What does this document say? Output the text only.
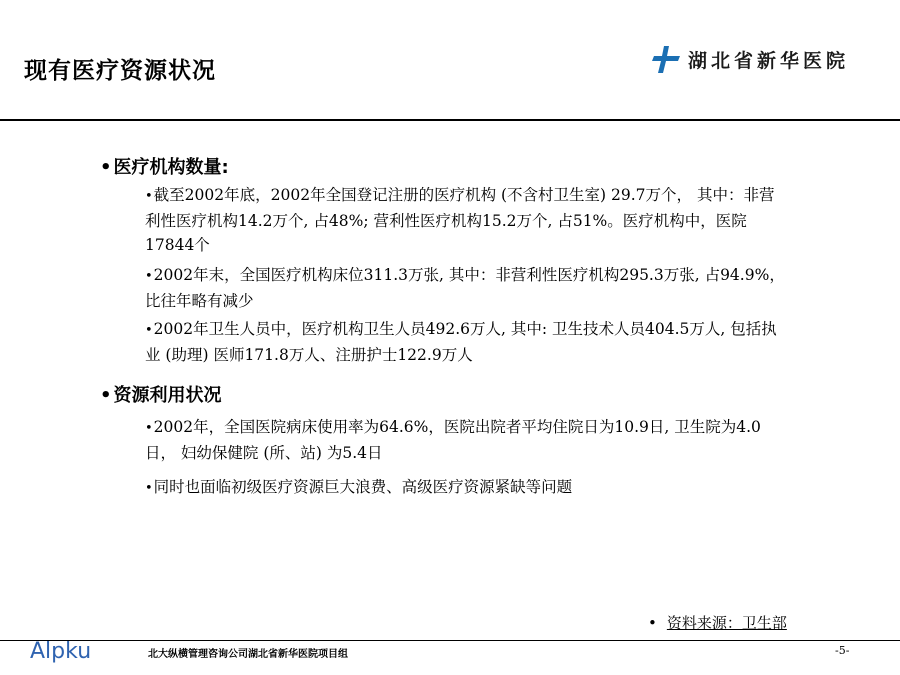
现有医疗资源状况	湖北省新华医院
• 医疗机构数量:
•截至2002年底，2002年全国登记注册的医疗机构 (不含村卫生室) 29.7万个， 其中：非营利性医疗机构14.2万个, 占48%; 营利性医疗机构15.2万个, 占51%。医疗机构中，医院17844个
•2002年末，全国医疗机构床位311.3万张, 其中：非营利性医疗机构295.3万张, 占94.9%，比往年略有减少
•2002年卫生人员中，医疗机构卫生人员492.6万人, 其中: 卫生技术人员404.5万人, 包括执业 (助理) 医师171.8万人、注册护士122.9万人
• 资源利用状况
•2002年，全国医院病床使用率为64.6%，医院出院者平均住院日为10.9日, 卫生院为4.0日， 妇幼保健院 (所、站) 为5.4日
•同时也面临初级医疗资源巨大浪费、高级医疗资源紧缺等问题
• 资料来源：卫生部
Alpku	北大纵横管理咨询公司湖北省新华医院项目组	-5-
